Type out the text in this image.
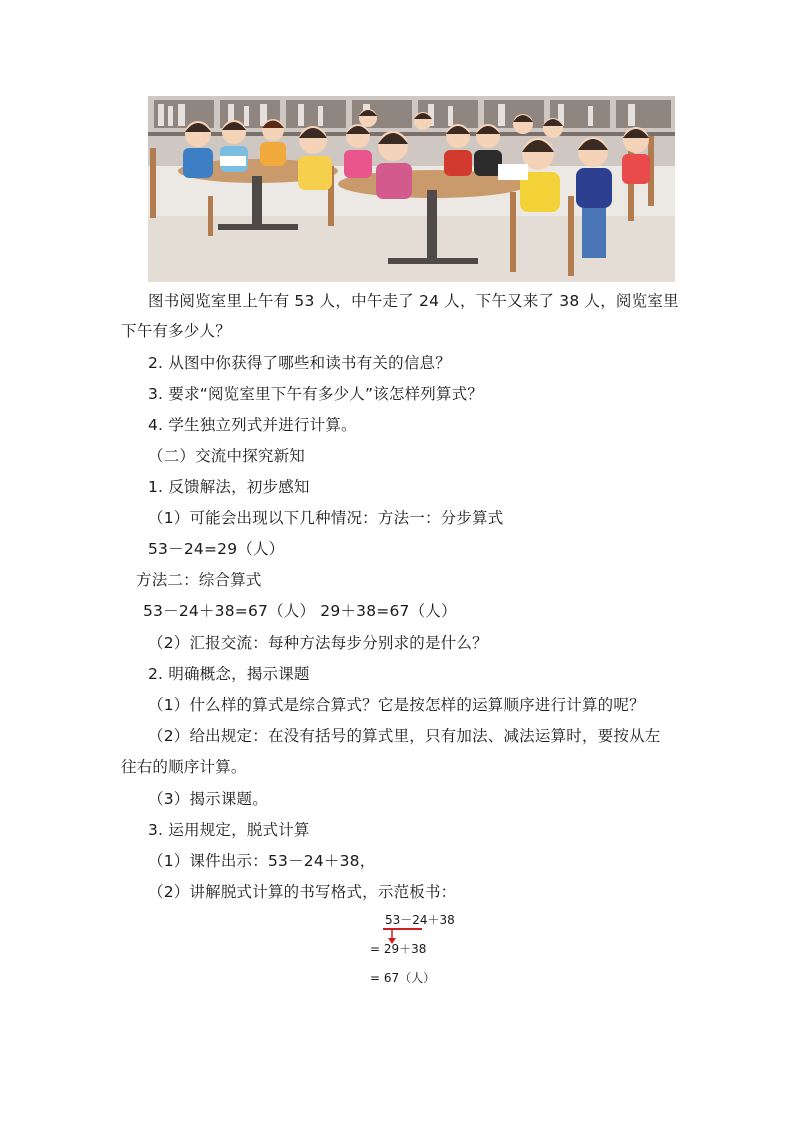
图书阅览室里上午有 53 人，中午走了 24 人，下午又来了 38 人，阅览室里
下午有多少人？
2. 从图中你获得了哪些和读书有关的信息？
3. 要求“阅览室里下午有多少人”该怎样列算式？
4. 学生独立列式并进行计算。
（二）交流中探究新知
1. 反馈解法，初步感知
（1）可能会出现以下几种情况：方法一：分步算式
53－24=29（人）
方法二：综合算式
53－24＋38=67（人） 29＋38=67（人）
（2）汇报交流：每种方法每步分别求的是什么？
2. 明确概念，揭示课题
（1）什么样的算式是综合算式？它是按怎样的运算顺序进行计算的呢？
（2）给出规定：在没有括号的算式里，只有加法、减法运算时，要按从左
往右的顺序计算。
（3）揭示课题。
3. 运用规定，脱式计算
（1）课件出示：53－24＋38，
（2）讲解脱式计算的书写格式，示范板书：
53－24＋38
= 29＋38
= 67（人）
